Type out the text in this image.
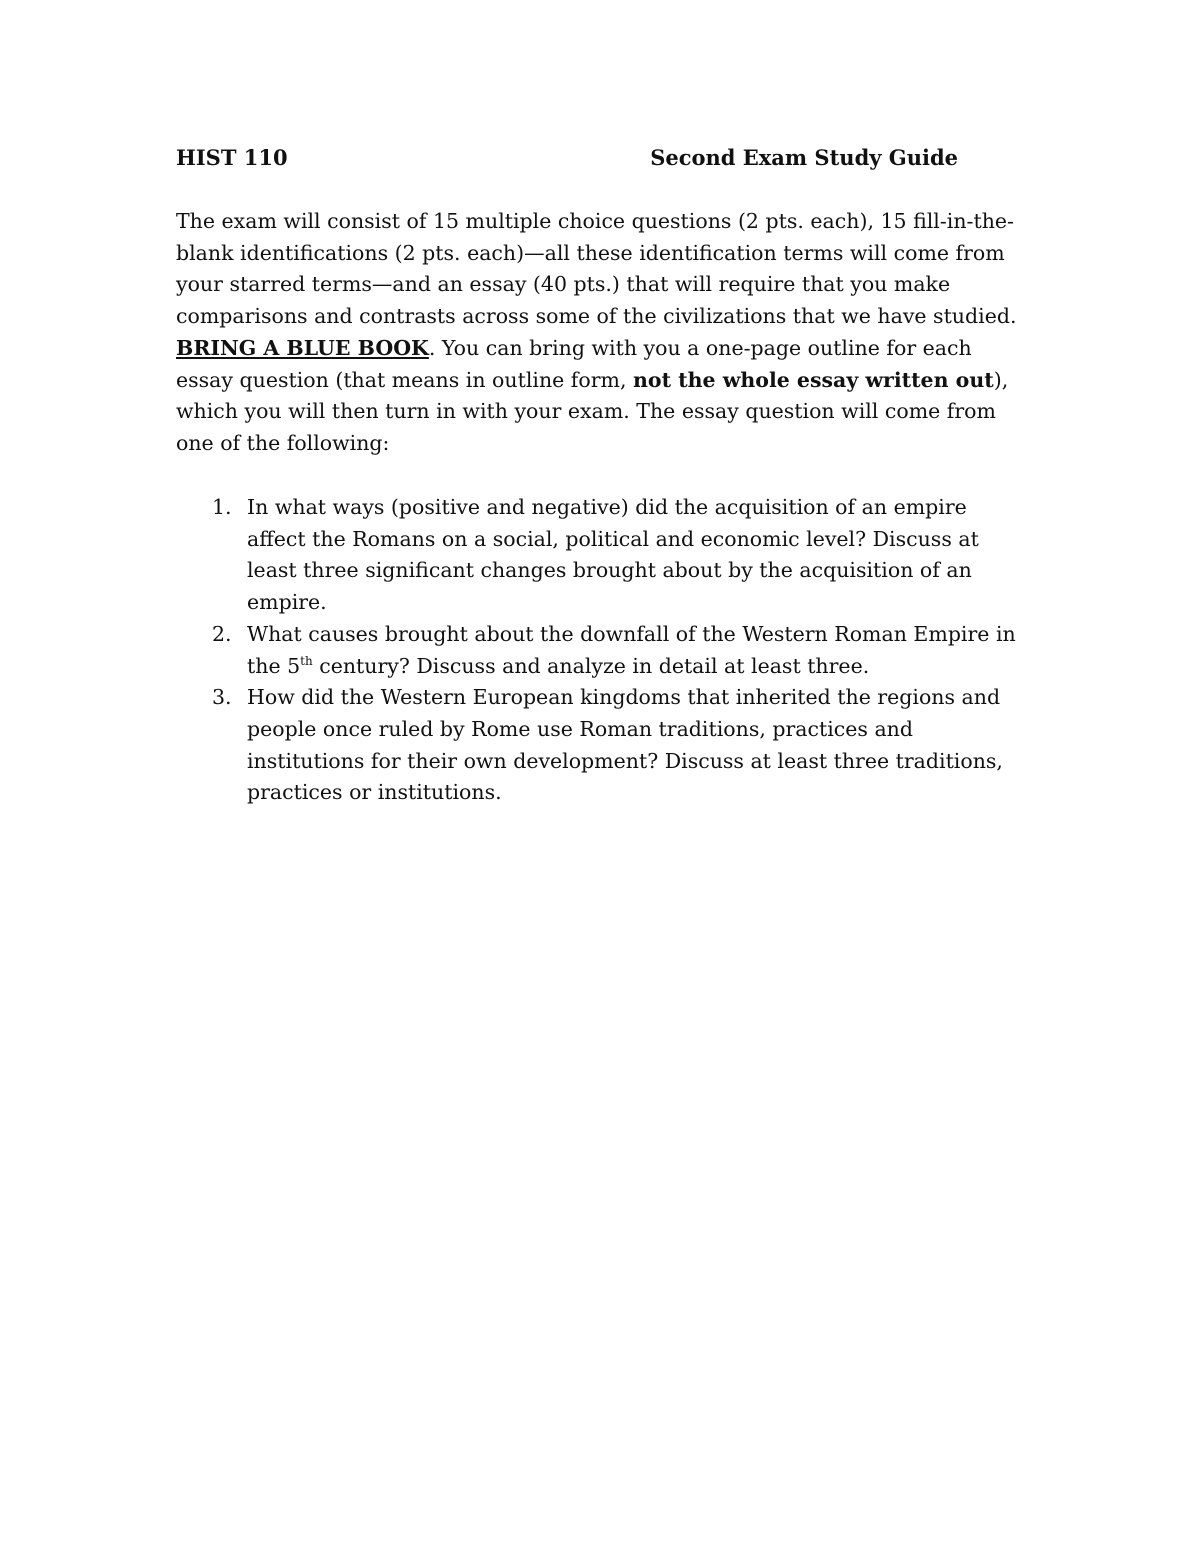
HIST 110	Second Exam Study Guide

The exam will consist of 15 multiple choice questions (2 pts. each), 15 fill-in-the-blank identifications (2 pts. each)—all these identification terms will come from your starred terms—and an essay (40 pts.) that will require that you make comparisons and contrasts across some of the civilizations that we have studied. BRING A BLUE BOOK. You can bring with you a one-page outline for each essay question (that means in outline form, not the whole essay written out), which you will then turn in with your exam. The essay question will come from one of the following:

1. In what ways (positive and negative) did the acquisition of an empire affect the Romans on a social, political and economic level? Discuss at least three significant changes brought about by the acquisition of an empire.
2. What causes brought about the downfall of the Western Roman Empire in the 5th century? Discuss and analyze in detail at least three.
3. How did the Western European kingdoms that inherited the regions and people once ruled by Rome use Roman traditions, practices and institutions for their own development? Discuss at least three traditions, practices or institutions.
